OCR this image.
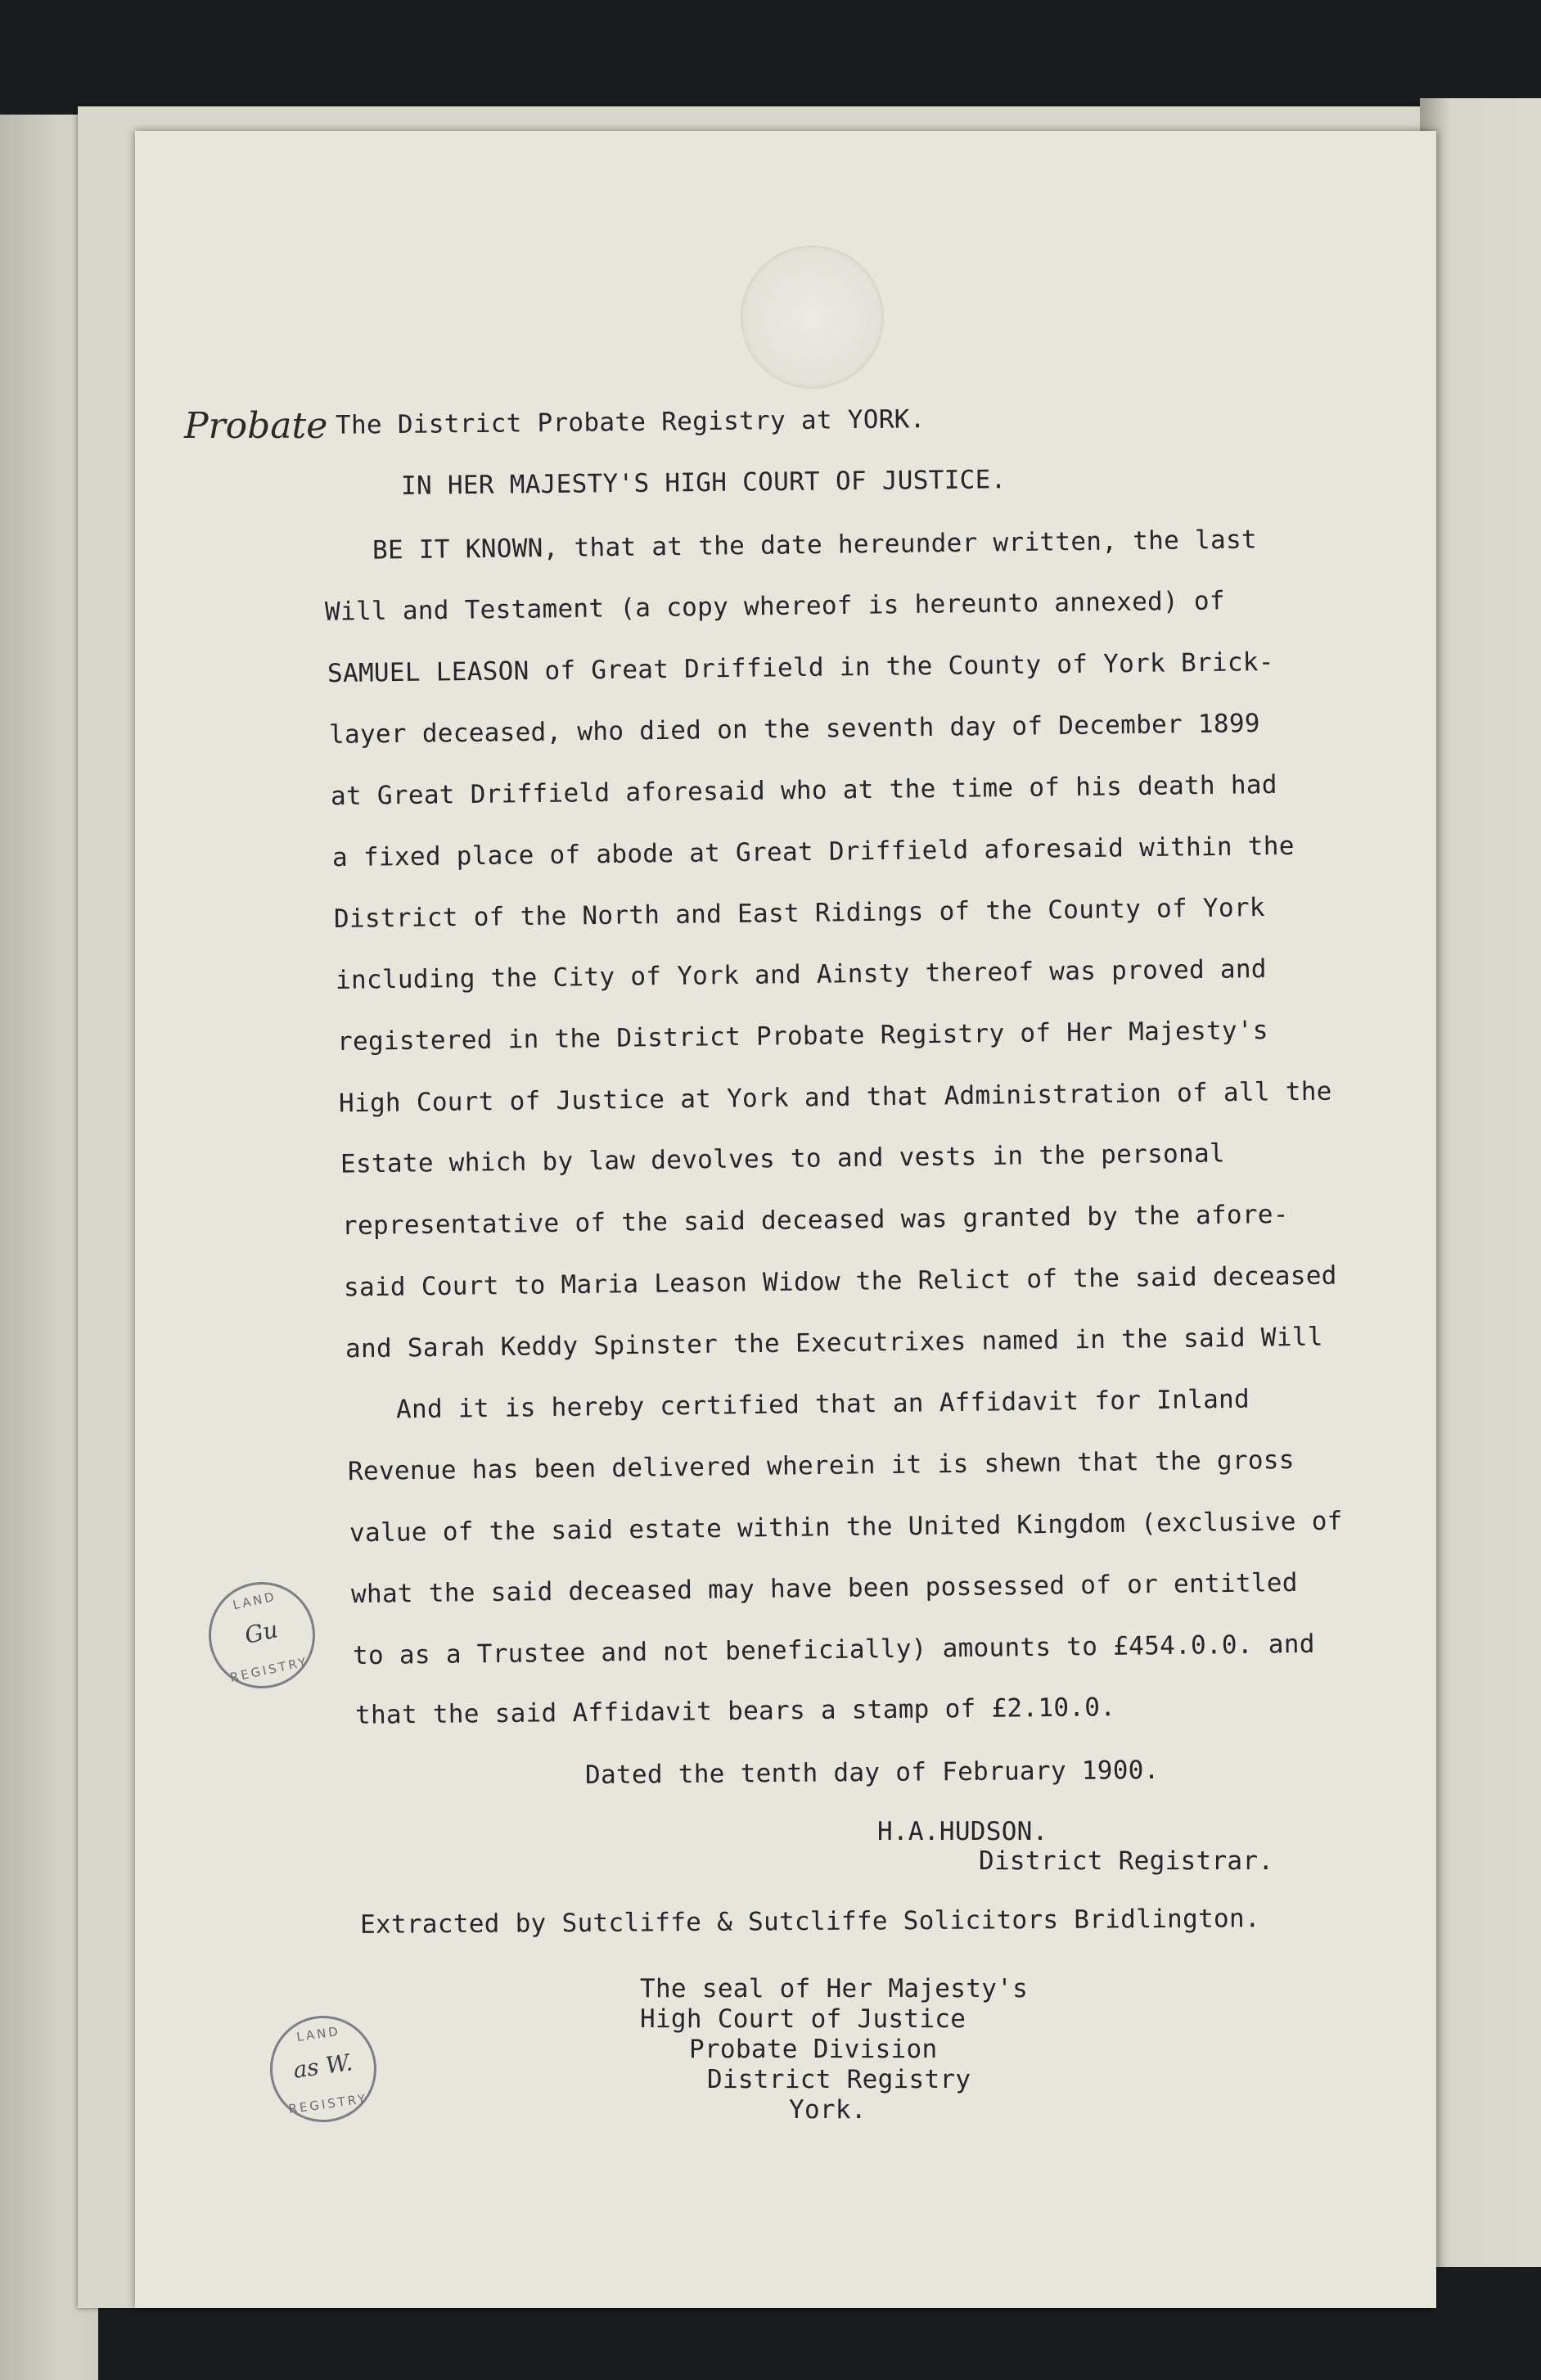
Probate The District Probate Registry at YORK.
IN HER MAJESTY'S HIGH COURT OF JUSTICE.
BE IT KNOWN, that at the date hereunder written, the last
Will and Testament (a copy whereof is hereunto annexed) of
SAMUEL LEASON of Great Driffield in the County of York Brick-
layer deceased, who died on the seventh day of December 1899
at Great Driffield aforesaid who at the time of his death had
a fixed place of abode at Great Driffield aforesaid within the
District of the North and East Ridings of the County of York
including the City of York and Ainsty thereof was proved and
registered in the District Probate Registry of Her Majesty's
High Court of Justice at York and that Administration of all the
Estate which by law devolves to and vests in the personal
representative of the said deceased was granted by the afore-
said Court to Maria Leason Widow the Relict of the said deceased
and Sarah Keddy Spinster the Executrixes named in the said Will
And it is hereby certified that an Affidavit for Inland
Revenue has been delivered wherein it is shewn that the gross
value of the said estate within the United Kingdom (exclusive of
what the said deceased may have been possessed of or entitled
to as a Trustee and not beneficially) amounts to £454.0.0. and
that the said Affidavit bears a stamp of £2.10.0.
Dated the tenth day of February 1900.
H.A.HUDSON.
District Registrar.
Extracted by Sutcliffe & Sutcliffe Solicitors Bridlington.
The seal of Her Majesty's
High Court of Justice
Probate Division
District Registry
York.
LAND
Gu
REGISTRY
LAND
as W.
REGISTRY
